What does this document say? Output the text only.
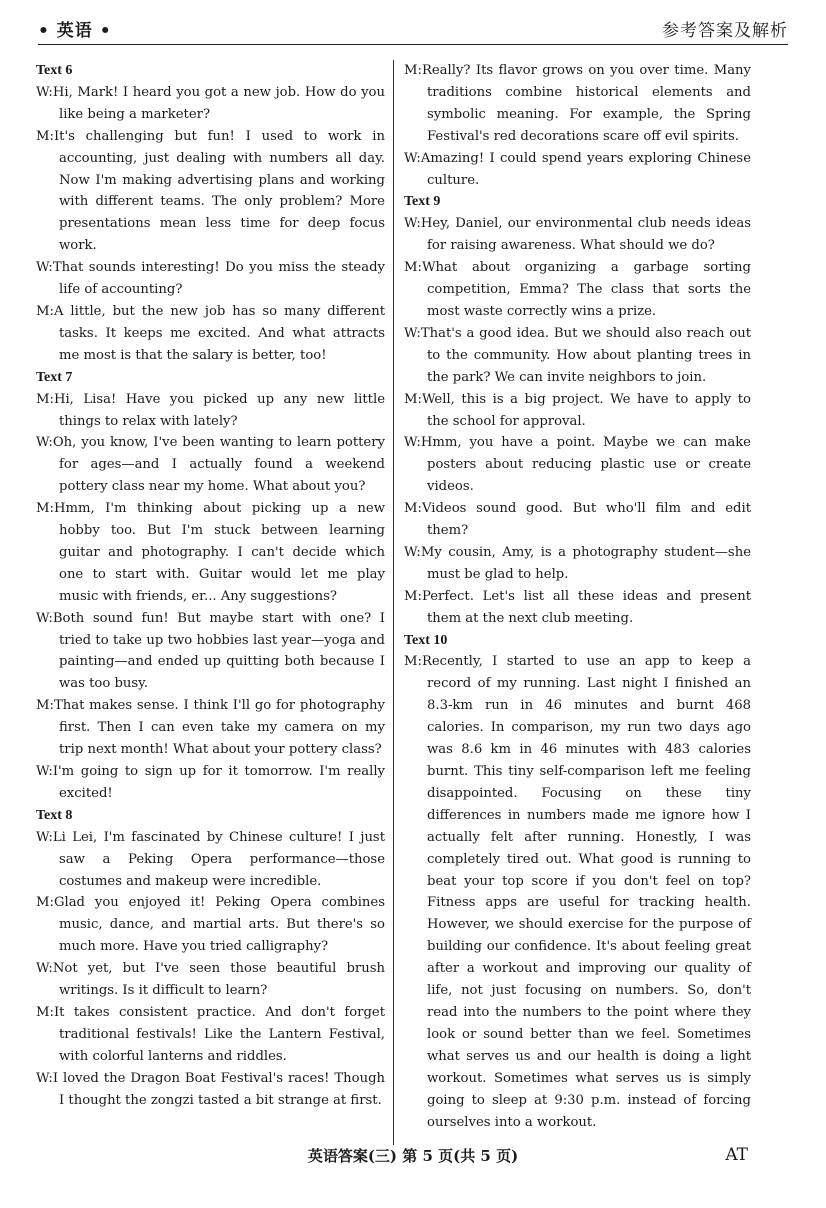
• 英语 •	参考答案及解析
Text 6
W:Hi, Mark! I heard you got a new job. How do you like being a marketer?
M:It's challenging but fun! I used to work in accounting, just dealing with numbers all day. Now I'm making advertising plans and working with different teams. The only problem? More presentations mean less time for deep focus work.
W:That sounds interesting! Do you miss the steady life of accounting?
M:A little, but the new job has so many different tasks. It keeps me excited. And what attracts me most is that the salary is better, too!
Text 7
M:Hi, Lisa! Have you picked up any new little things to relax with lately?
W:Oh, you know, I've been wanting to learn pottery for ages—and I actually found a weekend pottery class near my home. What about you?
M:Hmm, I'm thinking about picking up a new hobby too. But I'm stuck between learning guitar and photography. I can't decide which one to start with. Guitar would let me play music with friends, er... Any suggestions?
W:Both sound fun! But maybe start with one? I tried to take up two hobbies last year—yoga and painting—and ended up quitting both because I was too busy.
M:That makes sense. I think I'll go for photography first. Then I can even take my camera on my trip next month! What about your pottery class?
W:I'm going to sign up for it tomorrow. I'm really excited!
Text 8
W:Li Lei, I'm fascinated by Chinese culture! I just saw a Peking Opera performance—those costumes and makeup were incredible.
M:Glad you enjoyed it! Peking Opera combines music, dance, and martial arts. But there's so much more. Have you tried calligraphy?
W:Not yet, but I've seen those beautiful brush writings. Is it difficult to learn?
M:It takes consistent practice. And don't forget traditional festivals! Like the Lantern Festival, with colorful lanterns and riddles.
W:I loved the Dragon Boat Festival's races! Though I thought the zongzi tasted a bit strange at first.
M:Really? Its flavor grows on you over time. Many traditions combine historical elements and symbolic meaning. For example, the Spring Festival's red decorations scare off evil spirits.
W:Amazing! I could spend years exploring Chinese culture.
Text 9
W:Hey, Daniel, our environmental club needs ideas for raising awareness. What should we do?
M:What about organizing a garbage sorting competition, Emma? The class that sorts the most waste correctly wins a prize.
W:That's a good idea. But we should also reach out to the community. How about planting trees in the park? We can invite neighbors to join.
M:Well, this is a big project. We have to apply to the school for approval.
W:Hmm, you have a point. Maybe we can make posters about reducing plastic use or create videos.
M:Videos sound good. But who'll film and edit them?
W:My cousin, Amy, is a photography student—she must be glad to help.
M:Perfect. Let's list all these ideas and present them at the next club meeting.
Text 10
M:Recently, I started to use an app to keep a record of my running. Last night I finished an 8.3-km run in 46 minutes and burnt 468 calories. In comparison, my run two days ago was 8.6 km in 46 minutes with 483 calories burnt. This tiny self-comparison left me feeling disappointed. Focusing on these tiny differences in numbers made me ignore how I actually felt after running. Honestly, I was completely tired out. What good is running to beat your top score if you don't feel on top? Fitness apps are useful for tracking health. However, we should exercise for the purpose of building our confidence. It's about feeling great after a workout and improving our quality of life, not just focusing on numbers. So, don't read into the numbers to the point where they look or sound better than we feel. Sometimes what serves us and our health is doing a light workout. Sometimes what serves us is simply going to sleep at 9:30 p.m. instead of forcing ourselves into a workout.
英语答案(三) 第 5 页(共 5 页)	AT
